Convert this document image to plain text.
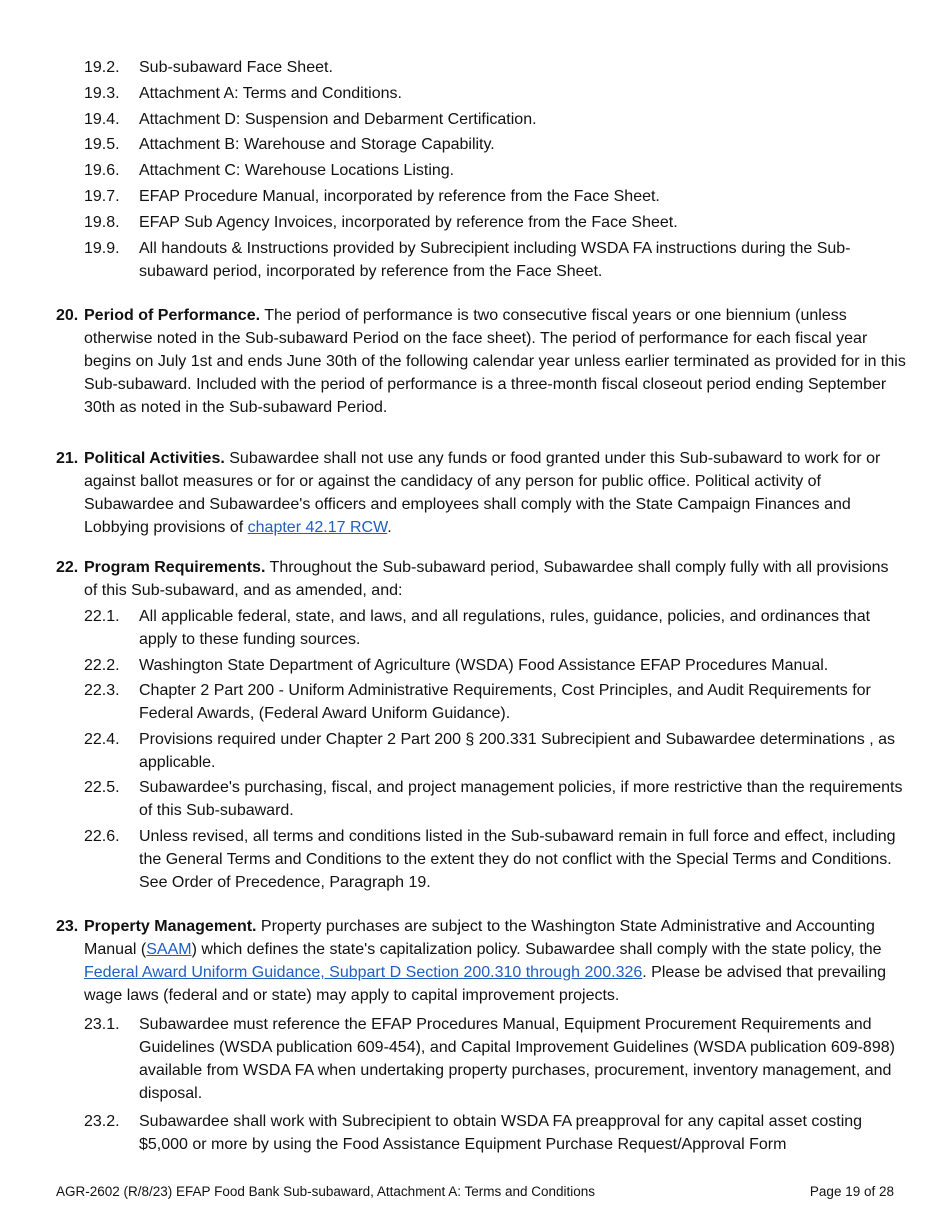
19.2. Sub-subaward Face Sheet.
19.3. Attachment A: Terms and Conditions.
19.4. Attachment D: Suspension and Debarment Certification.
19.5. Attachment B: Warehouse and Storage Capability.
19.6. Attachment C: Warehouse Locations Listing.
19.7. EFAP Procedure Manual, incorporated by reference from the Face Sheet.
19.8. EFAP Sub Agency Invoices, incorporated by reference from the Face Sheet.
19.9. All handouts & Instructions provided by Subrecipient including WSDA FA instructions during the Sub-subaward period, incorporated by reference from the Face Sheet.
20. Period of Performance. The period of performance is two consecutive fiscal years or one biennium (unless otherwise noted in the Sub-subaward Period on the face sheet). The period of performance for each fiscal year begins on July 1st and ends June 30th of the following calendar year unless earlier terminated as provided for in this Sub-subaward. Included with the period of performance is a three-month fiscal closeout period ending September 30th as noted in the Sub-subaward Period.
21. Political Activities. Subawardee shall not use any funds or food granted under this Sub-subaward to work for or against ballot measures or for or against the candidacy of any person for public office. Political activity of Subawardee and Subawardee's officers and employees shall comply with the State Campaign Finances and Lobbying provisions of chapter 42.17 RCW.
22. Program Requirements. Throughout the Sub-subaward period, Subawardee shall comply fully with all provisions of this Sub-subaward, and as amended, and:
22.1. All applicable federal, state, and laws, and all regulations, rules, guidance, policies, and ordinances that apply to these funding sources.
22.2. Washington State Department of Agriculture (WSDA) Food Assistance EFAP Procedures Manual.
22.3. Chapter 2 Part 200 - Uniform Administrative Requirements, Cost Principles, and Audit Requirements for Federal Awards, (Federal Award Uniform Guidance).
22.4. Provisions required under Chapter 2 Part 200 § 200.331 Subrecipient and Subawardee determinations , as applicable.
22.5. Subawardee's purchasing, fiscal, and project management policies, if more restrictive than the requirements of this Sub-subaward.
22.6. Unless revised, all terms and conditions listed in the Sub-subaward remain in full force and effect, including the General Terms and Conditions to the extent they do not conflict with the Special Terms and Conditions. See Order of Precedence, Paragraph 19.
23. Property Management. Property purchases are subject to the Washington State Administrative and Accounting Manual (SAAM) which defines the state's capitalization policy. Subawardee shall comply with the state policy, the Federal Award Uniform Guidance, Subpart D Section 200.310 through 200.326. Please be advised that prevailing wage laws (federal and or state) may apply to capital improvement projects.
23.1. Subawardee must reference the EFAP Procedures Manual, Equipment Procurement Requirements and Guidelines (WSDA publication 609-454), and Capital Improvement Guidelines (WSDA publication 609-898) available from WSDA FA when undertaking property purchases, procurement, inventory management, and disposal.
23.2. Subawardee shall work with Subrecipient to obtain WSDA FA preapproval for any capital asset costing $5,000 or more by using the Food Assistance Equipment Purchase Request/Approval Form
AGR-2602 (R/8/23) EFAP Food Bank Sub-subaward, Attachment A: Terms and Conditions	Page 19 of 28
